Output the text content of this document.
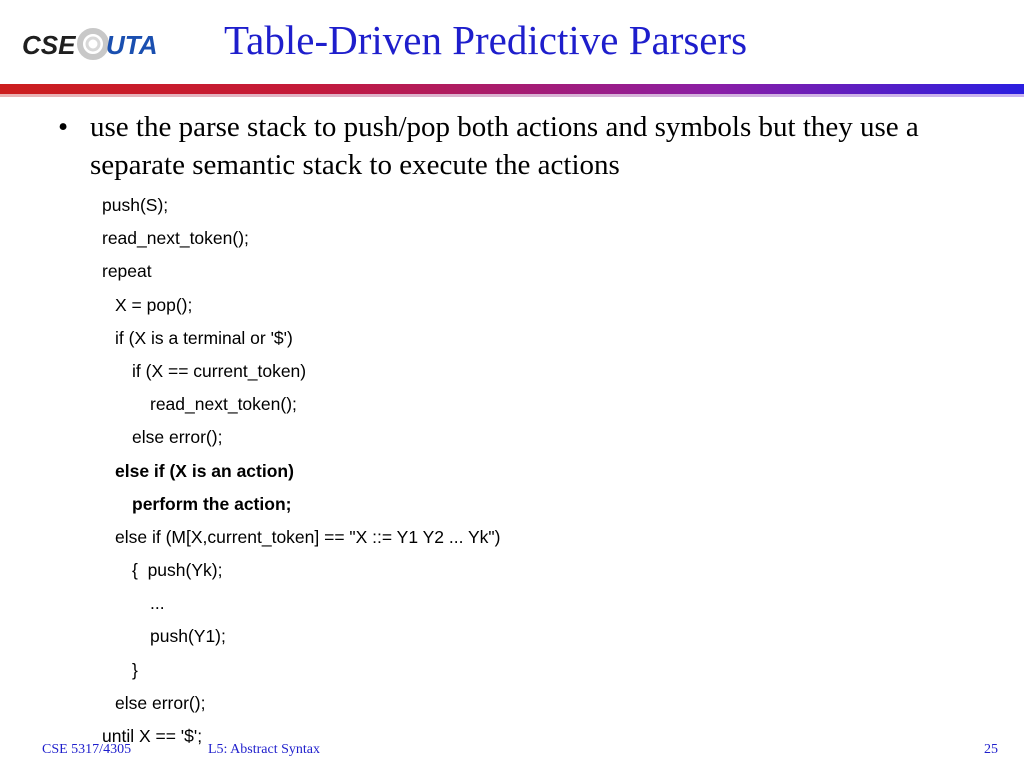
CSE UTA Table-Driven Predictive Parsers
• use the parse stack to push/pop both actions and symbols but they use a separate semantic stack to execute the actions
push(S);
read_next_token();
repeat
X = pop();
if (X is a terminal or '$')
if (X == current_token)
read_next_token();
else error();
else if (X is an action)
perform the action;
else if (M[X,current_token] == "X ::= Y1 Y2 ... Yk")
{  push(Yk);
...
push(Y1);
}
else error();
until X == '$';
CSE 5317/4305	L5: Abstract Syntax	25
